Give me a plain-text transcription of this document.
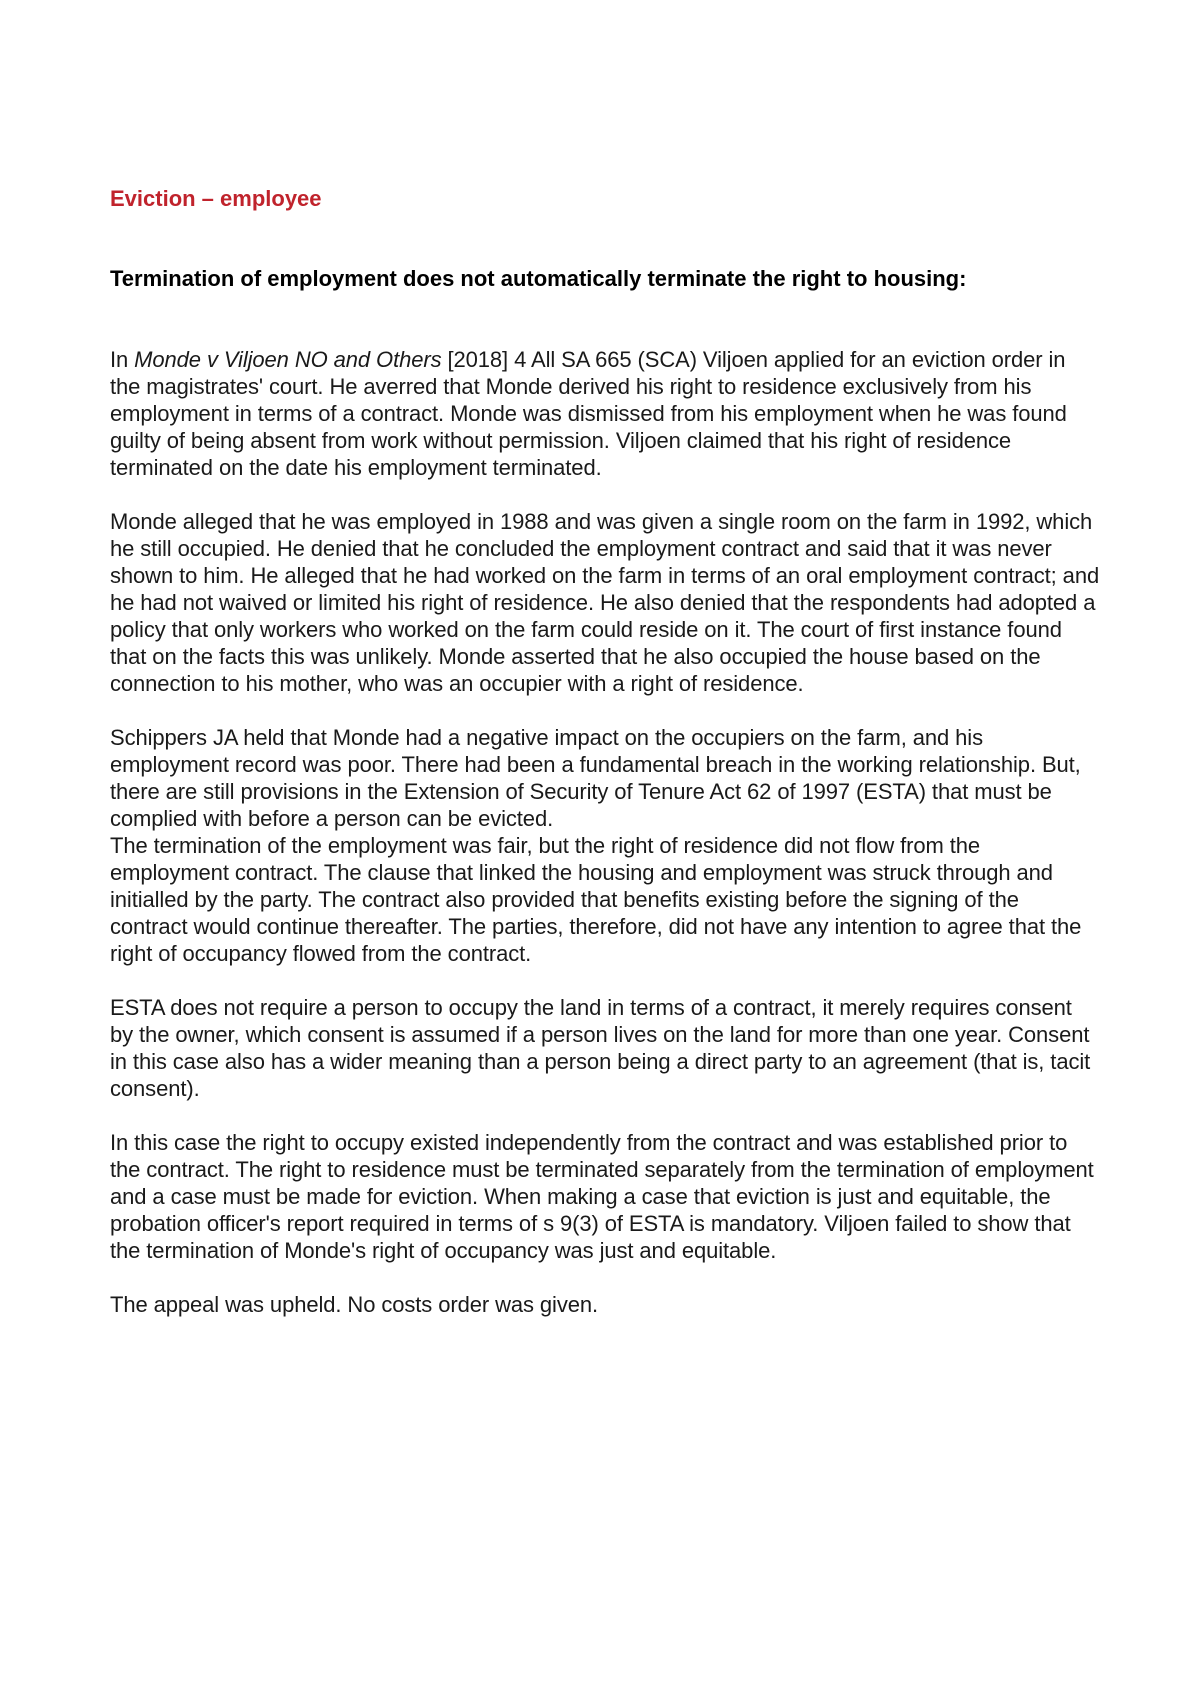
Eviction – employee
Termination of employment does not automatically terminate the right to housing:

In Monde v Viljoen NO and Others [2018] 4 All SA 665 (SCA) Viljoen applied for an eviction order in the magistrates' court. He averred that Monde derived his right to residence exclusively from his employment in terms of a contract. Monde was dismissed from his employment when he was found guilty of being absent from work without permission. Viljoen claimed that his right of residence terminated on the date his employment terminated.

Monde alleged that he was employed in 1988 and was given a single room on the farm in 1992, which he still occupied. He denied that he concluded the employment contract and said that it was never shown to him. He alleged that he had worked on the farm in terms of an oral employment contract; and he had not waived or limited his right of residence. He also denied that the respondents had adopted a policy that only workers who worked on the farm could reside on it. The court of first instance found that on the facts this was unlikely. Monde asserted that he also occupied the house based on the connection to his mother, who was an occupier with a right of residence.

Schippers JA held that Monde had a negative impact on the occupiers on the farm, and his employment record was poor. There had been a fundamental breach in the working relationship. But, there are still provisions in the Extension of Security of Tenure Act 62 of 1997 (ESTA) that must be complied with before a person can be evicted.

The termination of the employment was fair, but the right of residence did not flow from the employment contract. The clause that linked the housing and employment was struck through and initialled by the party. The contract also provided that benefits existing before the signing of the contract would continue thereafter. The parties, therefore, did not have any intention to agree that the right of occupancy flowed from the contract.

ESTA does not require a person to occupy the land in terms of a contract, it merely requires consent by the owner, which consent is assumed if a person lives on the land for more than one year. Consent in this case also has a wider meaning than a person being a direct party to an agreement (that is, tacit consent).

In this case the right to occupy existed independently from the contract and was established prior to the contract. The right to residence must be terminated separately from the termination of employment and a case must be made for eviction. When making a case that eviction is just and equitable, the probation officer's report required in terms of s 9(3) of ESTA is mandatory. Viljoen failed to show that the termination of Monde's right of occupancy was just and equitable.

The appeal was upheld. No costs order was given.
